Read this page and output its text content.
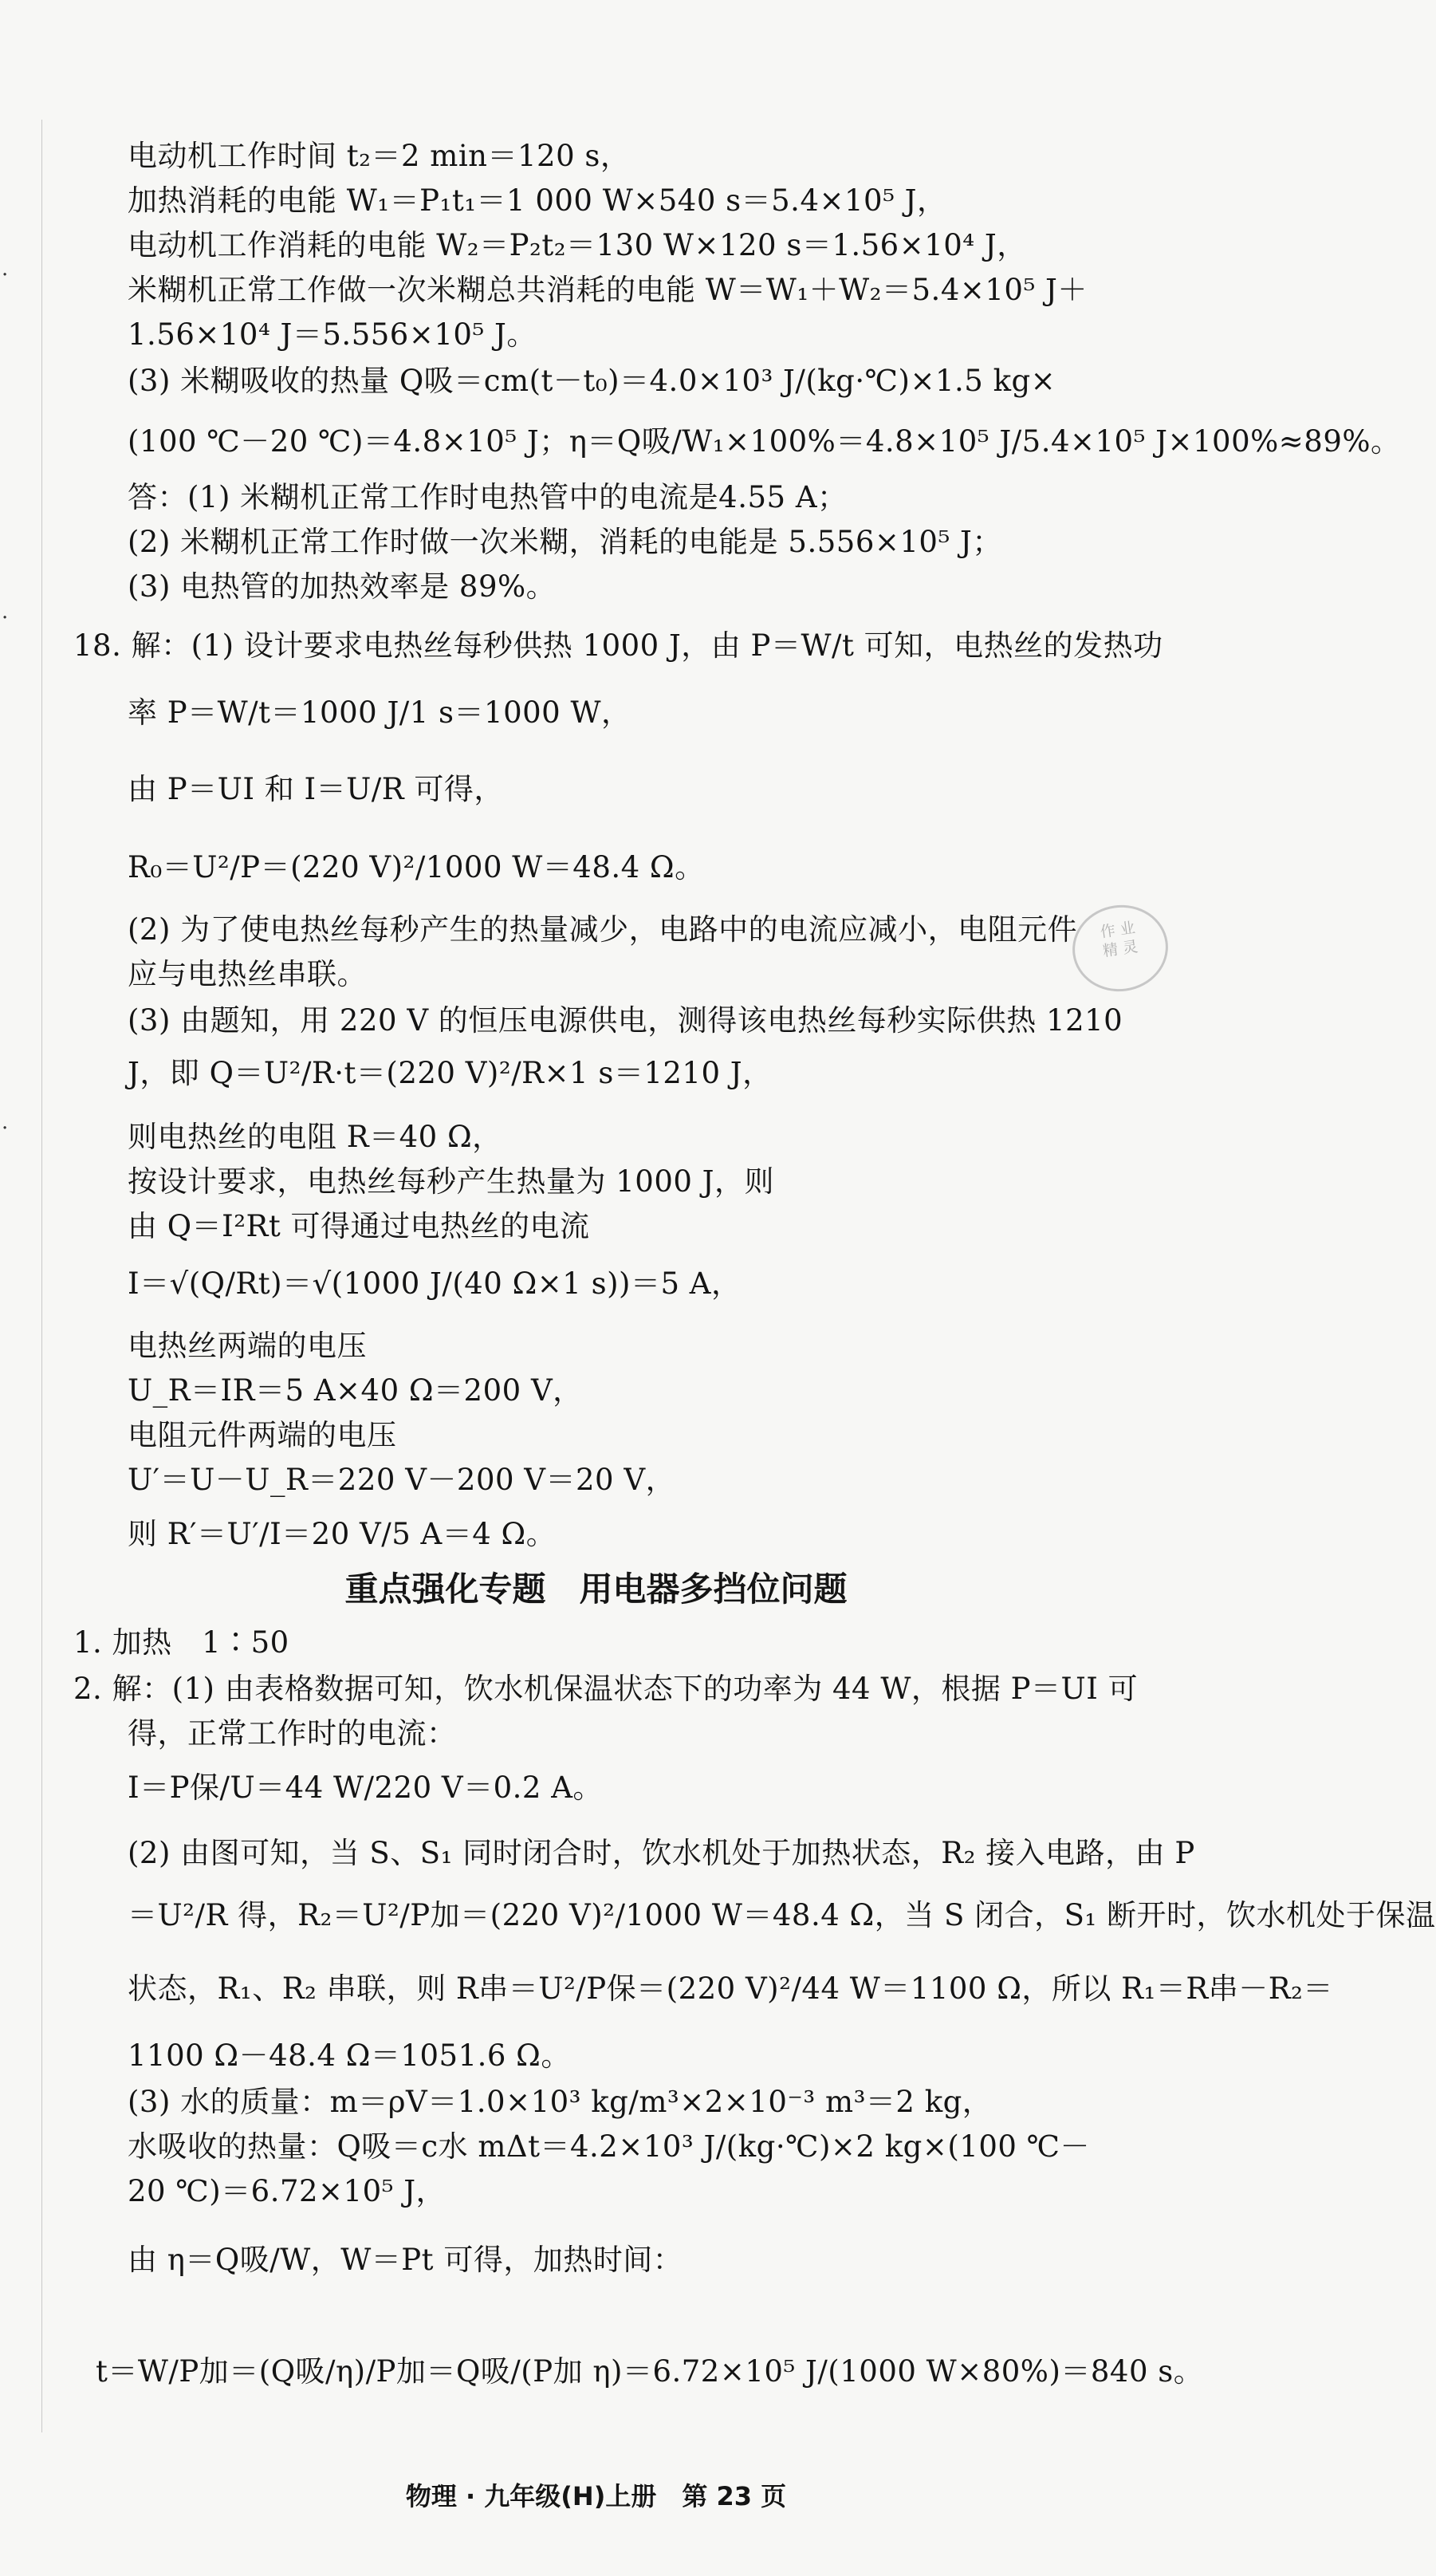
·
·
·
电动机工作时间 t₂＝2 min＝120 s，
加热消耗的电能 W₁＝P₁t₁＝1 000 W×540 s＝5.4×10⁵ J，
电动机工作消耗的电能 W₂＝P₂t₂＝130 W×120 s＝1.56×10⁴ J，
米糊机正常工作做一次米糊总共消耗的电能 W＝W₁＋W₂＝5.4×10⁵ J＋
1.56×10⁴ J＝5.556×10⁵ J。
(3) 米糊吸收的热量 Q吸＝cm(t－t₀)＝4.0×10³ J/(kg·℃)×1.5 kg×
(100 ℃－20 ℃)＝4.8×10⁵ J；η＝Q吸/W₁×100%＝4.8×10⁵ J/5.4×10⁵ J×100%≈89%。
答：(1) 米糊机正常工作时电热管中的电流是4.55 A；
(2) 米糊机正常工作时做一次米糊，消耗的电能是 5.556×10⁵ J；
(3) 电热管的加热效率是 89%。
18. 解：(1) 设计要求电热丝每秒供热 1000 J，由 P＝W/t 可知，电热丝的发热功
率 P＝W/t＝1000 J/1 s＝1000 W，
由 P＝UI 和 I＝U/R 可得，
R₀＝U²/P＝(220 V)²/1000 W＝48.4 Ω。
(2) 为了使电热丝每秒产生的热量减少，电路中的电流应减小，电阻元件
应与电热丝串联。
(3) 由题知，用 220 V 的恒压电源供电，测得该电热丝每秒实际供热 1210
J，即 Q＝U²/R·t＝(220 V)²/R×1 s＝1210 J，
则电热丝的电阻 R＝40 Ω，
按设计要求，电热丝每秒产生热量为 1000 J，则
由 Q＝I²Rt 可得通过电热丝的电流
I＝√(Q/Rt)＝√(1000 J/(40 Ω×1 s))＝5 A，
电热丝两端的电压
U_R＝IR＝5 A×40 Ω＝200 V，
电阻元件两端的电压
U′＝U－U_R＝220 V－200 V＝20 V，
则 R′＝U′/I＝20 V/5 A＝4 Ω。
重点强化专题　用电器多挡位问题
1. 加热　1∶50
2. 解：(1) 由表格数据可知，饮水机保温状态下的功率为 44 W，根据 P＝UI 可
得，正常工作时的电流：
I＝P保/U＝44 W/220 V＝0.2 A。
(2) 由图可知，当 S、S₁ 同时闭合时，饮水机处于加热状态，R₂ 接入电路，由 P
＝U²/R 得，R₂＝U²/P加＝(220 V)²/1000 W＝48.4 Ω，当 S 闭合，S₁ 断开时，饮水机处于保温
状态，R₁、R₂ 串联，则 R串＝U²/P保＝(220 V)²/44 W＝1100 Ω，所以 R₁＝R串－R₂＝
1100 Ω－48.4 Ω＝1051.6 Ω。
(3) 水的质量：m＝ρV＝1.0×10³ kg/m³×2×10⁻³ m³＝2 kg，
水吸收的热量：Q吸＝c水 mΔt＝4.2×10³ J/(kg·℃)×2 kg×(100 ℃－
20 ℃)＝6.72×10⁵ J，
由 η＝Q吸/W，W＝Pt 可得，加热时间：
t＝W/P加＝(Q吸/η)/P加＝Q吸/(P加 η)＝6.72×10⁵ J/(1000 W×80%)＝840 s。
作 业
精 灵
物理 · 九年级(H)上册　第 23 页
